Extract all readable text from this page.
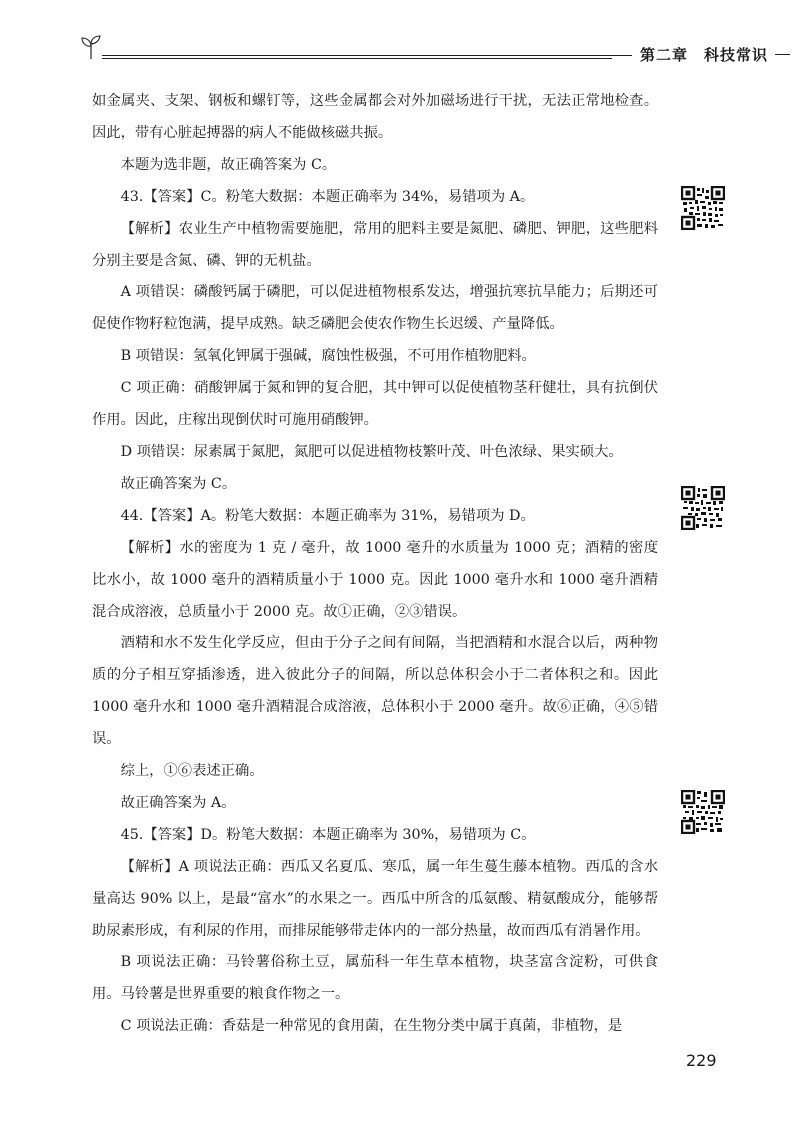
第二章 科技常识

如金属夹、支架、钢板和螺钉等，这些金属都会对外加磁场进行干扰，无法正常地检查。因此，带有心脏起搏器的病人不能做核磁共振。

本题为选非题，故正确答案为 C。

43.【答案】C。粉笔大数据：本题正确率为 34%，易错项为 A。

【解析】农业生产中植物需要施肥，常用的肥料主要是氮肥、磷肥、钾肥，这些肥料分别主要是含氮、磷、钾的无机盐。

A 项错误：磷酸钙属于磷肥，可以促进植物根系发达，增强抗寒抗旱能力；后期还可促使作物籽粒饱满，提早成熟。缺乏磷肥会使农作物生长迟缓、产量降低。

B 项错误：氢氧化钾属于强碱，腐蚀性极强，不可用作植物肥料。

C 项正确：硝酸钾属于氮和钾的复合肥，其中钾可以促使植物茎秆健壮，具有抗倒伏作用。因此，庄稼出现倒伏时可施用硝酸钾。

D 项错误：尿素属于氮肥，氮肥可以促进植物枝繁叶茂、叶色浓绿、果实硕大。

故正确答案为 C。

44.【答案】A。粉笔大数据：本题正确率为 31%，易错项为 D。

【解析】水的密度为 1 克 / 毫升，故 1000 毫升的水质量为 1000 克；酒精的密度比水小，故 1000 毫升的酒精质量小于 1000 克。因此 1000 毫升水和 1000 毫升酒精混合成溶液，总质量小于 2000 克。故①正确，②③错误。

酒精和水不发生化学反应，但由于分子之间有间隔，当把酒精和水混合以后，两种物质的分子相互穿插渗透，进入彼此分子的间隔，所以总体积会小于二者体积之和。因此 1000 毫升水和 1000 毫升酒精混合成溶液，总体积小于 2000 毫升。故⑥正确，④⑤错误。

综上，①⑥表述正确。

故正确答案为 A。

45.【答案】D。粉笔大数据：本题正确率为 30%，易错项为 C。

【解析】A 项说法正确：西瓜又名夏瓜、寒瓜，属一年生蔓生藤本植物。西瓜的含水量高达 90% 以上，是最“富水”的水果之一。西瓜中所含的瓜氨酸、精氨酸成分，能够帮助尿素形成，有利尿的作用，而排尿能够带走体内的一部分热量，故而西瓜有消暑作用。

B 项说法正确：马铃薯俗称土豆，属茄科一年生草本植物，块茎富含淀粉，可供食用。马铃薯是世界重要的粮食作物之一。

C 项说法正确：香菇是一种常见的食用菌，在生物分类中属于真菌，非植物，是

229
